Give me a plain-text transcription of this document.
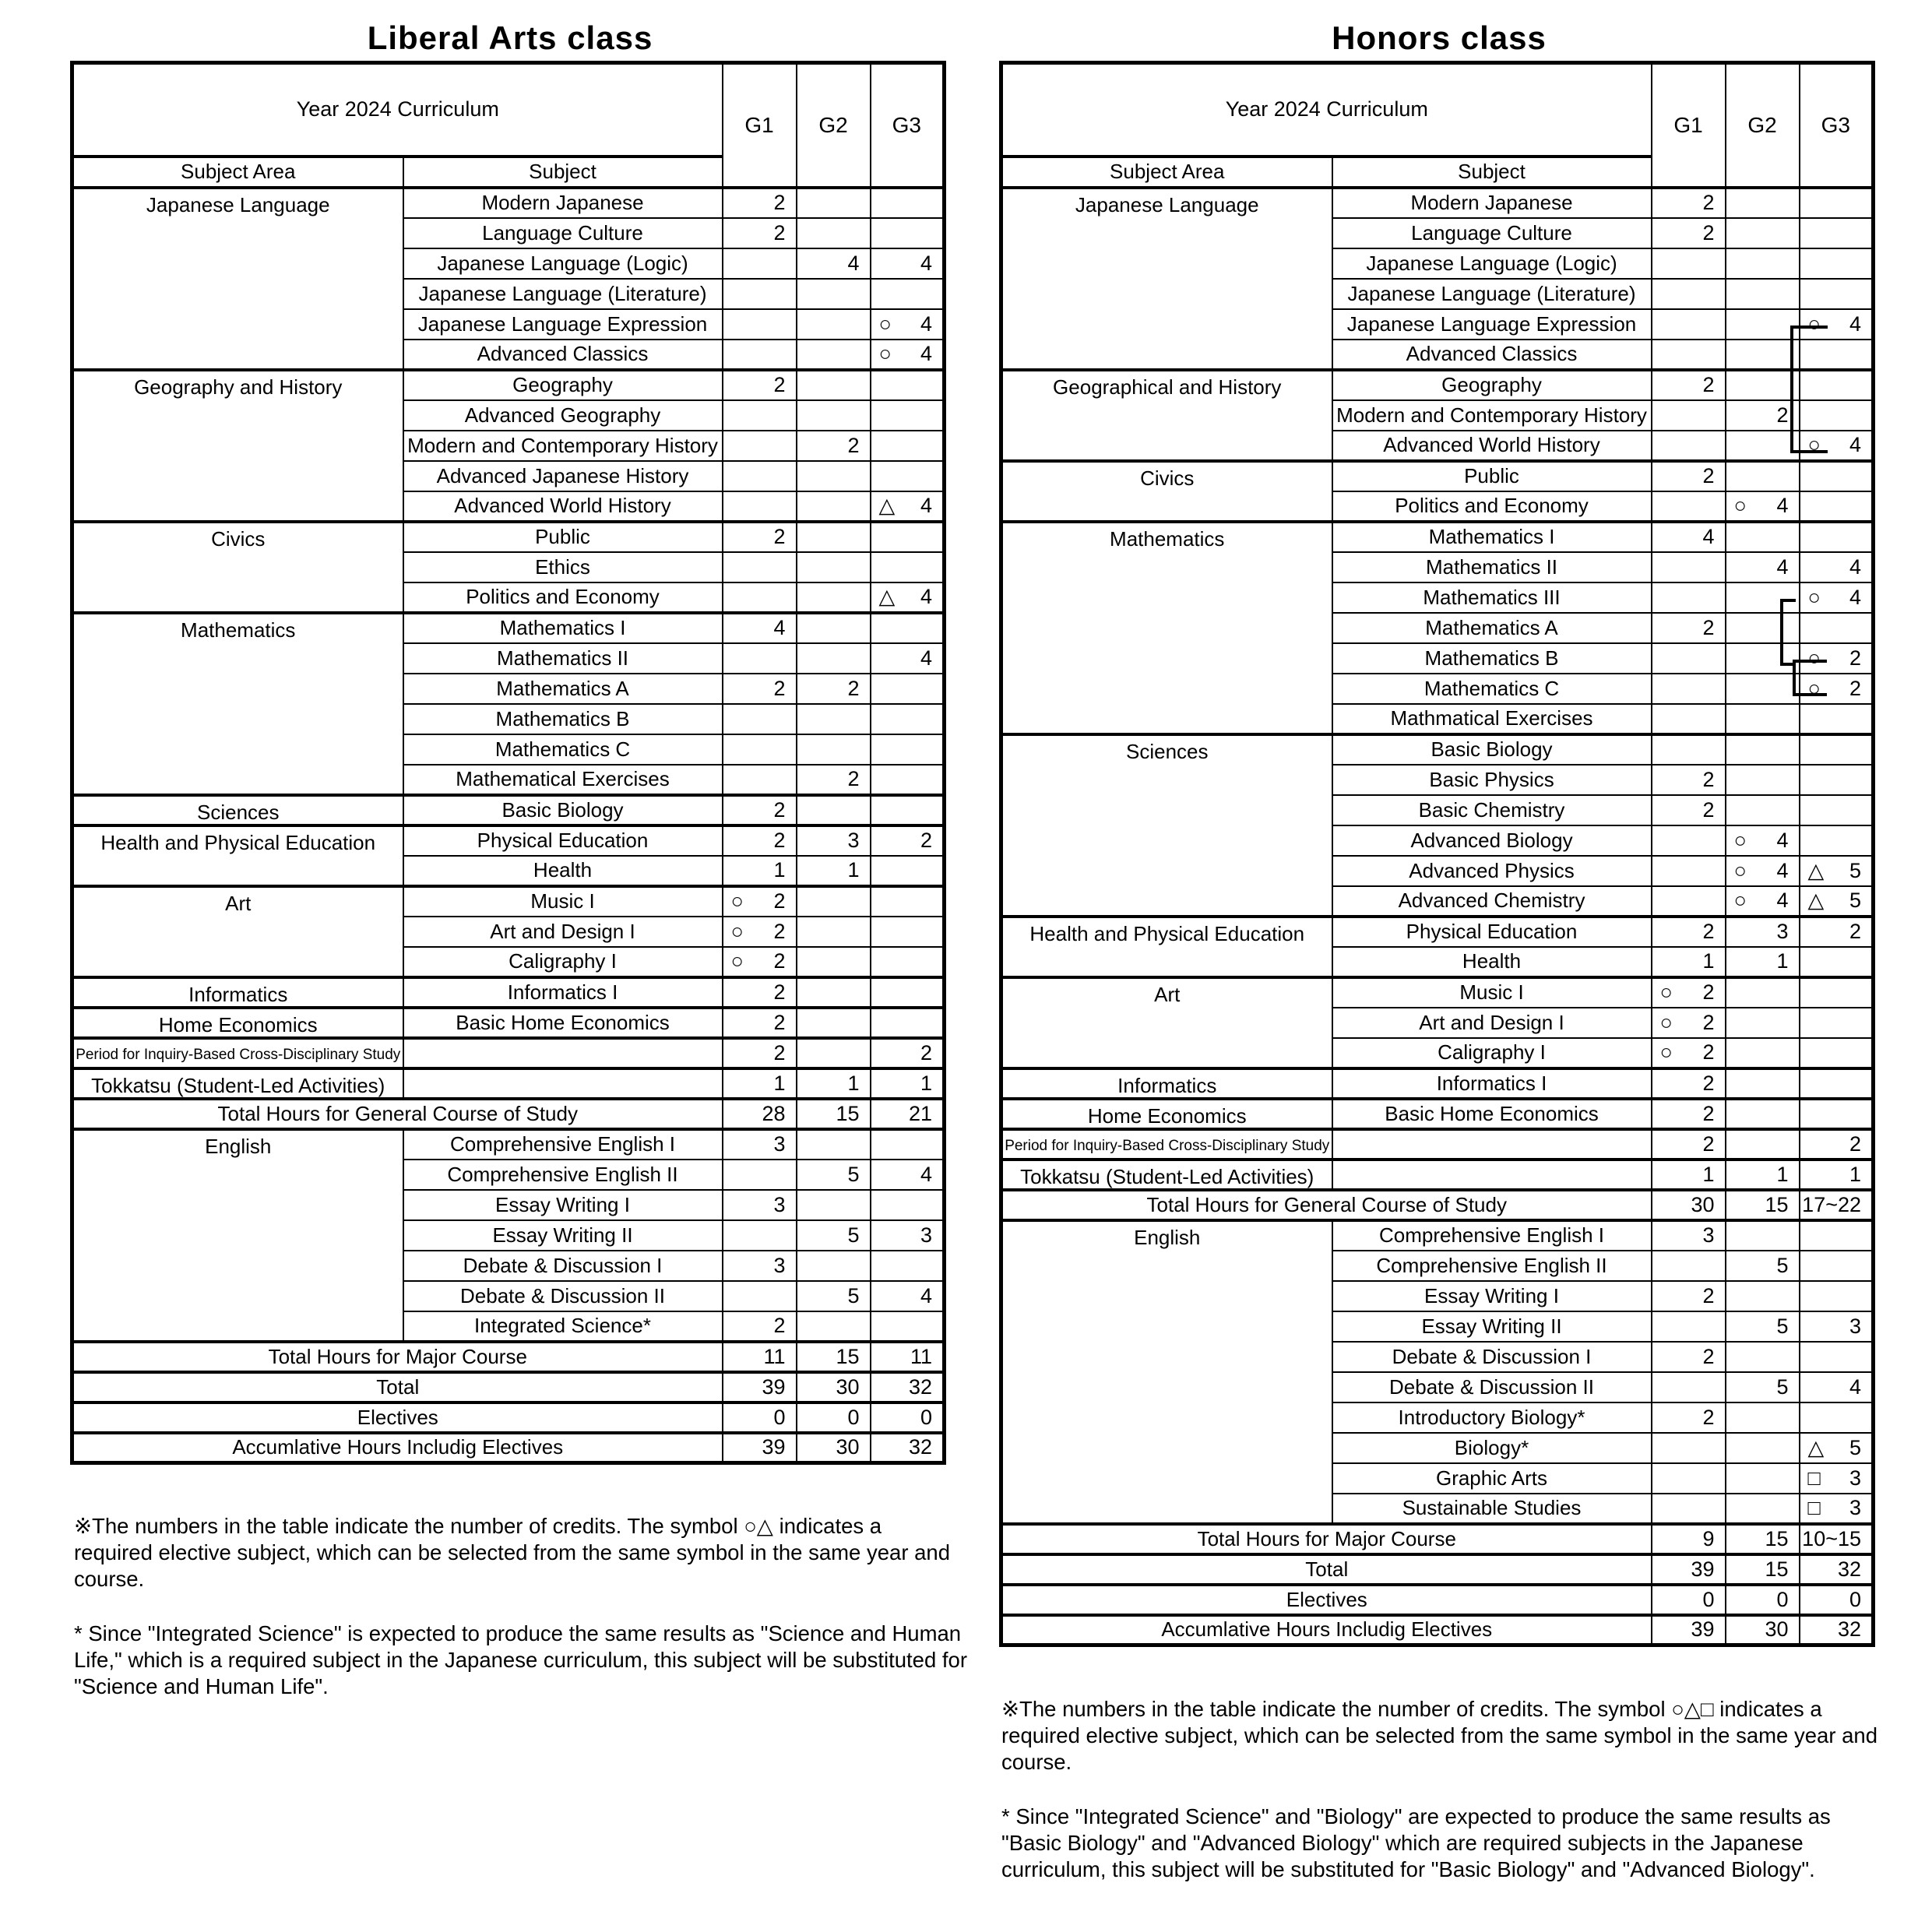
Liberal Arts class
Year 2024 Curriculum		G1	G2	G3
Subject Area	Subject			
Japanese Language	Modern Japanese	2		

	Language Culture	2		

	Japanese Language (Logic)		4	4

	Japanese Language (Literature)	

	Japanese Language Expression			○ 4

	Advanced Classics			○ 4

Geography and History	Geography	2		

	Advanced Geography	

	Modern and Contemporary History		2	

	Advanced Japanese History	

	Advanced World History			△ 4

Civics	Public	2		

	Ethics	

	Politics and Economy			△ 4

Mathematics	Mathematics I	4		

	Mathematics II			4

	Mathematics A	2	2	

	Mathematics B	

	Mathematics C	

	Mathematical Exercises		2	

Sciences	Basic Biology	2		

Health and Physical Education	Physical Education	2	3	2

	Health	1	1	

Art	Music I	○ 2		

	Art and Design I	○ 2		

	Caligraphy I	○ 2		

Informatics	Informatics I	2		

Home Economics	Basic Home Economics	2		

Period for Inquiry-Based Cross-Disciplinary Study		2		2

Tokkatsu (Student-Led Activities)		1	1	1

Total Hours for General Course of Study		28	15	21

English	Comprehensive English I	3		

	Comprehensive English II		5	4

	Essay Writing I	3		

	Essay Writing II		5	3

	Debate & Discussion I	3		

	Debate & Discussion II		5	4

	Integrated Science*	2		

Total Hours for Major Course		11	15	11

Total		39	30	32

Electives		0	0	0

Accumlative Hours Includig Electives		39	30	32
Honors class
Year 2024 Curriculum		G1	G2	G3
Subject Area	Subject			
Japanese Language	Modern Japanese	2		

	Language Culture	2		

	Japanese Language (Logic)	

	Japanese Language (Literature)	

	Japanese Language Expression			○ 4

	Advanced Classics	

Geographical and History	Geography	2		

	Modern and Contemporary History		2	

	Advanced World History			○ 4

Civics	Public	2		

	Politics and Economy		○ 4	

Mathematics	Mathematics I	4		

	Mathematics II		4	4

	Mathematics III			○ 4

	Mathematics A	2		

	Mathematics B			○ 2

	Mathematics C			○ 2

	Mathmatical Exercises	

Sciences	Basic Biology	

	Basic Physics	2		

	Basic Chemistry	2		

	Advanced Biology		○ 4	

	Advanced Physics		○ 4	△ 5

	Advanced Chemistry		○ 4	△ 5

Health and Physical Education	Physical Education	2	3	2

	Health	1	1	

Art	Music I	○ 2		

	Art and Design I	○ 2		

	Caligraphy I	○ 2		

Informatics	Informatics I	2		

Home Economics	Basic Home Economics	2		

Period for Inquiry-Based Cross-Disciplinary Study		2		2

Tokkatsu (Student-Led Activities)		1	1	1

Total Hours for General Course of Study		30	15	17~22

English	Comprehensive English I	3		

	Comprehensive English II		5	

	Essay Writing I	2		

	Essay Writing II		5	3

	Debate & Discussion I	2		

	Debate & Discussion II		5	4

	Introductory Biology*	2		

	Biology*			△ 5

	Graphic Arts			□ 3

	Sustainable Studies			□ 3

Total Hours for Major Course		9	15	10~15

Total		39	15	32

Electives		0	0	0

Accumlative Hours Includig Electives		39	30	32
※The numbers in the table indicate the number of credits. The symbol ○△ indicates a
required elective subject, which can be selected from the same symbol in the same year and
course.
* Since "Integrated Science" is expected to produce the same results as "Science and Human
Life," which is a required subject in the Japanese curriculum, this subject will be substituted for
"Science and Human Life".
※The numbers in the table indicate the number of credits. The symbol ○△□ indicates a
required elective subject, which can be selected from the same symbol in the same year and
course.
* Since "Integrated Science" and "Biology" are expected to produce the same results as
"Basic Biology" and "Advanced Biology" which are required subjects in the Japanese
curriculum, this subject will be substituted for "Basic Biology" and "Advanced Biology".
